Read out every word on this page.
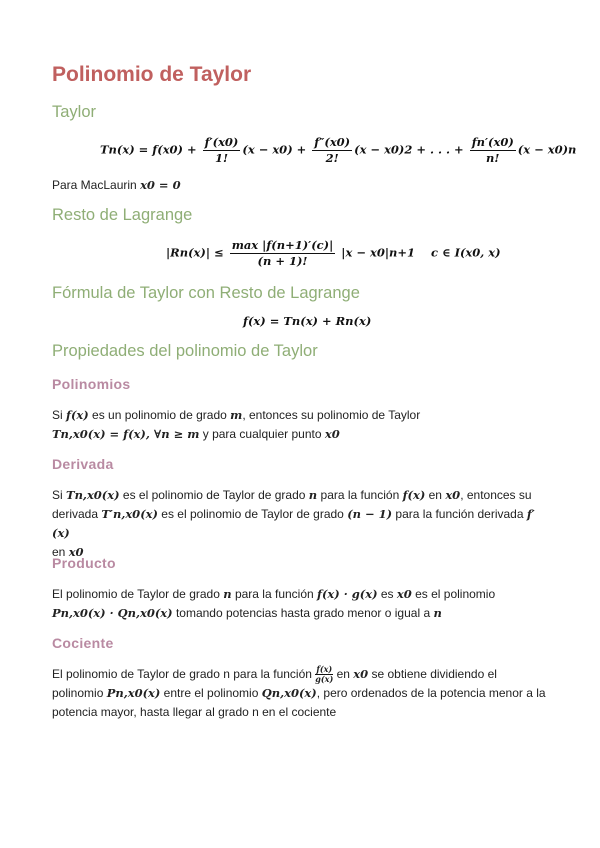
Polinomio de Taylor
Taylor
$Tn(x) = f(x0) + \frac{f'(x0)}{1!} (x - x0) + \frac{f''(x0)}{2!} (x - x0)2$ + . . . + $\frac{fn'(x0)}{n!} (x - x0)n$

Para MacLaurin x0 = 0

Resto de Lagrange
$|Rn(x)| \le \frac{\max |f(n+1)'(c)|}{(n + 1)!} |x - x0|n+1$ c ∈ I(x0, x)
Fórmula de Taylor con Resto de Lagrange
f(x) = Tn(x) + Rn(x)
Propiedades del polinomio de Taylor
Polinomios

Si f(x) es un polinomio de grado m, entonces su polinomio de Taylor
Tn,x0(x) = f(x), ∀n ≥ m y para cualquier punto x0

Derivada

Si Tn,x0(x) es el polinomio de Taylor de grado n para la función f(x) en x0, entonces su
derivada T′n,x0(x) es el polinomio de Taylor de grado (n − 1) para la función derivada f′(x)
en x0

Producto

El polinomio de Taylor de grado n para la función f(x) · g(x) es x0 es el polinomio
Pn,x0(x) · Qn,x0(x) tomando potencias hasta grado menor o igual a n

Cociente

El polinomio de Taylor de grado n para la función $\frac{f(x)}{g(x)}$ en x0 se obtiene dividiendo el
polinomio Pn,x0(x) entre el polinomio Qn,x0(x), pero ordenados de la potencia menor a la
potencia mayor, hasta llegar al grado n en el cociente
